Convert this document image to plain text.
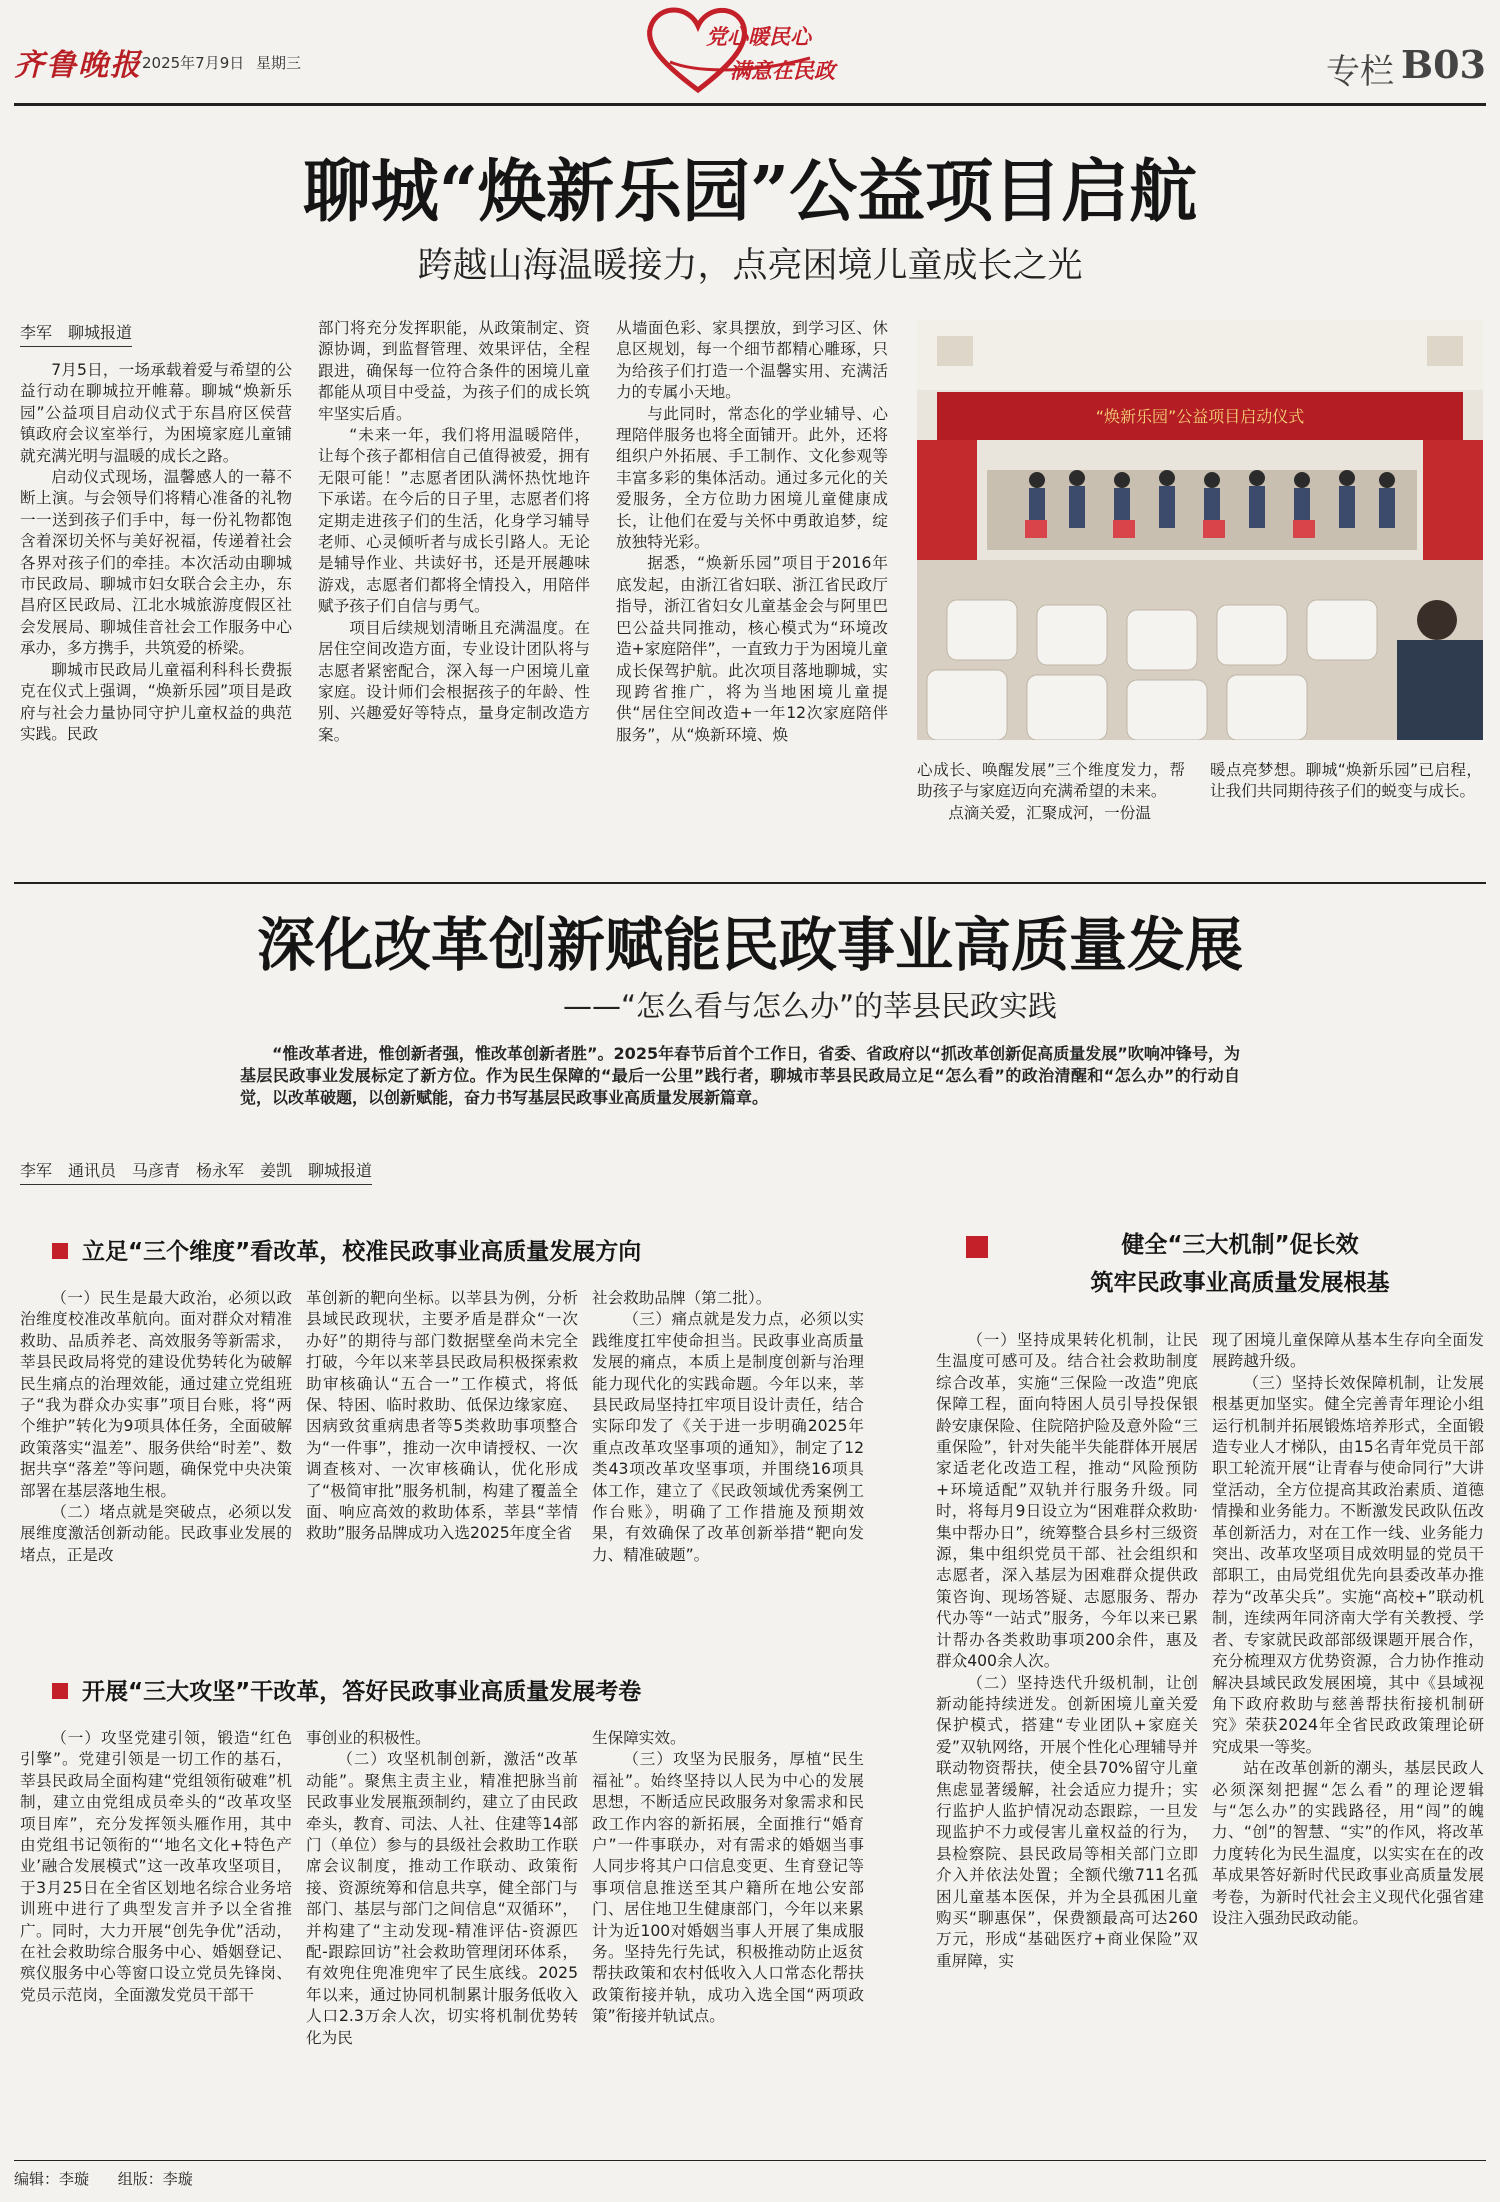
齐鲁晚报 2025年7月9日 星期三	专栏 B03
党心暖民心
满意在民政
聊城“焕新乐园”公益项目启航
跨越山海温暖接力，点亮困境儿童成长之光
李军　聊城报道

7月5日，一场承载着爱与希望的公益行动在聊城拉开帷幕。聊城“焕新乐园”公益项目启动仪式于东昌府区侯营镇政府会议室举行，为困境家庭儿童铺就充满光明与温暖的成长之路。

启动仪式现场，温馨感人的一幕不断上演。与会领导们将精心准备的礼物一一送到孩子们手中，每一份礼物都饱含着深切关怀与美好祝福，传递着社会各界对孩子们的牵挂。本次活动由聊城市民政局、聊城市妇女联合会主办，东昌府区民政局、江北水城旅游度假区社会发展局、聊城佳音社会工作服务中心承办，多方携手，共筑爱的桥梁。

聊城市民政局儿童福利科科长费振克在仪式上强调，“焕新乐园”项目是政府与社会力量协同守护儿童权益的典范实践。民政

部门将充分发挥职能，从政策制定、资源协调，到监督管理、效果评估，全程跟进，确保每一位符合条件的困境儿童都能从项目中受益，为孩子们的成长筑牢坚实后盾。

“未来一年，我们将用温暖陪伴，让每个孩子都相信自己值得被爱，拥有无限可能！”志愿者团队满怀热忱地许下承诺。在今后的日子里，志愿者们将定期走进孩子们的生活，化身学习辅导老师、心灵倾听者与成长引路人。无论是辅导作业、共读好书，还是开展趣味游戏，志愿者们都将全情投入，用陪伴赋予孩子们自信与勇气。

项目后续规划清晰且充满温度。在居住空间改造方面，专业设计团队将与志愿者紧密配合，深入每一户困境儿童家庭。设计师们会根据孩子的年龄、性别、兴趣爱好等特点，量身定制改造方案。

从墙面色彩、家具摆放，到学习区、休息区规划，每一个细节都精心雕琢，只为给孩子们打造一个温馨实用、充满活力的专属小天地。

与此同时，常态化的学业辅导、心理陪伴服务也将全面铺开。此外，还将组织户外拓展、手工制作、文化参观等丰富多彩的集体活动。通过多元化的关爱服务，全方位助力困境儿童健康成长，让他们在爱与关怀中勇敢追梦，绽放独特光彩。

据悉，“焕新乐园”项目于2016年底发起，由浙江省妇联、浙江省民政厅指导，浙江省妇女儿童基金会与阿里巴巴公益共同推动，核心模式为“环境改造+家庭陪伴”，一直致力于为困境儿童成长保驾护航。此次项目落地聊城，实现跨省推广，将为当地困境儿童提供“居住空间改造+一年12次家庭陪伴服务”，从“焕新环境、焕

“焕新乐园”公益项目启动仪式

心成长、唤醒发展”三个维度发力，帮助孩子与家庭迈向充满希望的未来。

点滴关爱，汇聚成河，一份温

暖点亮梦想。聊城“焕新乐园”已启程，让我们共同期待孩子们的蜕变与成长。

深化改革创新赋能民政事业高质量发展
——“怎么看与怎么办”的莘县民政实践
“惟改革者进，惟创新者强，惟改革创新者胜”。2025年春节后首个工作日，省委、省政府以“抓改革创新促高质量发展”吹响冲锋号，为基层民政事业发展标定了新方位。作为民生保障的“最后一公里”践行者，聊城市莘县民政局立足“怎么看”的政治清醒和“怎么办”的行动自觉，以改革破题，以创新赋能，奋力书写基层民政事业高质量发展新篇章。
李军　通讯员　马彦青　杨永军　姜凯　聊城报道
立足“三个维度”看改革，校准民政事业高质量发展方向

（一）民生是最大政治，必须以政治维度校准改革航向。面对群众对精准救助、品质养老、高效服务等新需求，莘县民政局将党的建设优势转化为破解民生痛点的治理效能，通过建立党组班子“我为群众办实事”项目台账，将“两个维护”转化为9项具体任务，全面破解政策落实“温差”、服务供给“时差”、数据共享“落差”等问题，确保党中央决策部署在基层落地生根。

（二）堵点就是突破点，必须以发展维度激活创新动能。民政事业发展的堵点，正是改

革创新的靶向坐标。以莘县为例，分析县域民政现状，主要矛盾是群众“一次办好”的期待与部门数据壁垒尚未完全打破，今年以来莘县民政局积极探索救助审核确认“五合一”工作模式，将低保、特困、临时救助、低保边缘家庭、因病致贫重病患者等5类救助事项整合为“一件事”，推动一次申请授权、一次调查核对、一次审核确认，优化形成了“极简审批”服务机制，构建了覆盖全面、响应高效的救助体系，莘县“莘情救助”服务品牌成功入选2025年度全省

社会救助品牌（第二批）。

（三）痛点就是发力点，必须以实践维度扛牢使命担当。民政事业高质量发展的痛点，本质上是制度创新与治理能力现代化的实践命题。今年以来，莘县民政局坚持扛牢项目设计责任，结合实际印发了《关于进一步明确2025年重点改革攻坚事项的通知》，制定了12类43项改革攻坚事项，并围绕16项具体工作，建立了《民政领域优秀案例工作台账》，明确了工作措施及预期效果，有效确保了改革创新举措“靶向发力、精准破题”。

开展“三大攻坚”干改革，答好民政事业高质量发展考卷

（一）攻坚党建引领，锻造“红色引擎”。党建引领是一切工作的基石，莘县民政局全面构建“党组领衔破难”机制，建立由党组成员牵头的“改革攻坚项目库”，充分发挥领头雁作用，其中由党组书记领衔的“‘地名文化+特色产业’融合发展模式”这一改革攻坚项目，于3月25日在全省区划地名综合业务培训班中进行了典型发言并予以全省推广。同时，大力开展“创先争优”活动，在社会救助综合服务中心、婚姻登记、殡仪服务中心等窗口设立党员先锋岗、党员示范岗，全面激发党员干部干

事创业的积极性。

（二）攻坚机制创新，激活“改革动能”。聚焦主责主业，精准把脉当前民政事业发展瓶颈制约，建立了由民政牵头，教育、司法、人社、住建等14部门（单位）参与的县级社会救助工作联席会议制度，推动工作联动、政策衔接、资源统筹和信息共享，健全部门与部门、基层与部门之间信息“双循环”，并构建了“主动发现-精准评估-资源匹配-跟踪回访”社会救助管理闭环体系，有效兜住兜准兜牢了民生底线。2025年以来，通过协同机制累计服务低收入人口2.3万余人次，切实将机制优势转化为民

生保障实效。

（三）攻坚为民服务，厚植“民生福祉”。始终坚持以人民为中心的发展思想，不断适应民政服务对象需求和民政工作内容的新拓展，全面推行“婚育户”一件事联办，对有需求的婚姻当事人同步将其户口信息变更、生育登记等事项信息推送至其户籍所在地公安部门、居住地卫生健康部门，今年以来累计为近100对婚姻当事人开展了集成服务。坚持先行先试，积极推动防止返贫帮扶政策和农村低收入人口常态化帮扶政策衔接并轨，成功入选全国“两项政策”衔接并轨试点。

健全“三大机制”促长效
筑牢民政事业高质量发展根基

（一）坚持成果转化机制，让民生温度可感可及。结合社会救助制度综合改革，实施“三保险一改造”兜底保障工程，面向特困人员引导投保银龄安康保险、住院陪护险及意外险“三重保险”，针对失能半失能群体开展居家适老化改造工程，推动“风险预防+环境适配”双轨并行服务升级。同时，将每月9日设立为“困难群众救助·集中帮办日”，统筹整合县乡村三级资源，集中组织党员干部、社会组织和志愿者，深入基层为困难群众提供政策咨询、现场答疑、志愿服务、帮办代办等“一站式”服务，今年以来已累计帮办各类救助事项200余件，惠及群众400余人次。

（二）坚持迭代升级机制，让创新动能持续迸发。创新困境儿童关爱保护模式，搭建“专业团队+家庭关爱”双轨网络，开展个性化心理辅导并联动物资帮扶，使全县70%留守儿童焦虑显著缓解，社会适应力提升；实行监护人监护情况动态跟踪，一旦发现监护不力或侵害儿童权益的行为，县检察院、县民政局等相关部门立即介入并依法处置；全额代缴711名孤困儿童基本医保，并为全县孤困儿童购买“聊惠保”，保费额最高可达260万元，形成“基础医疗+商业保险”双重屏障，实

现了困境儿童保障从基本生存向全面发展跨越升级。

（三）坚持长效保障机制，让发展根基更加坚实。健全完善青年理论小组运行机制并拓展锻炼培养形式，全面锻造专业人才梯队，由15名青年党员干部职工轮流开展“让青春与使命同行”大讲堂活动，全方位提高其政治素质、道德情操和业务能力。不断激发民政队伍改革创新活力，对在工作一线、业务能力突出、改革攻坚项目成效明显的党员干部职工，由局党组优先向县委改革办推荐为“改革尖兵”。实施“高校+”联动机制，连续两年同济南大学有关教授、学者、专家就民政部部级课题开展合作，充分梳理双方优势资源，合力协作推动解决县域民政发展困境，其中《县域视角下政府救助与慈善帮扶衔接机制研究》荣获2024年全省民政政策理论研究成果一等奖。

站在改革创新的潮头，基层民政人必须深刻把握“怎么看”的理论逻辑与“怎么办”的实践路径，用“闯”的魄力、“创”的智慧、“实”的作风，将改革力度转化为民生温度，以实实在在的改革成果答好新时代民政事业高质量发展考卷，为新时代社会主义现代化强省建设注入强劲民政动能。

编辑：李璇 组版：李璇
